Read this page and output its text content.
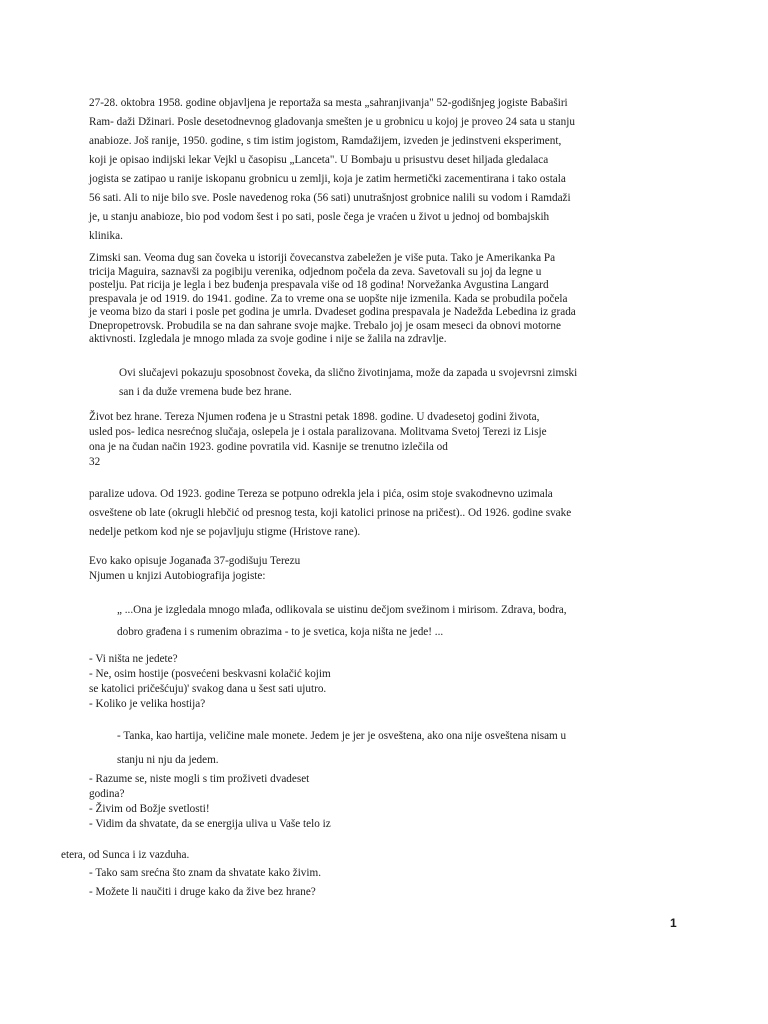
27-28. oktobra 1958. godine objavljena je reportaža sa mesta „sahranjivanja" 52-godišnjeg jogiste Babaširi
Ram- daži Džinari. Posle desetodnevnog gladovanja smešten je u grobnicu u kojoj je proveo 24 sata u stanju
anabioze. Još ranije, 1950. godine, s tim istim jogistom, Ramdažijem, izveden je jedinstveni eksperiment,
koji je opisao indijski lekar Vejkl u časopisu „Lanceta". U Bombaju u prisustvu deset hiljada gledalaca
jogista se zatipao u ranije iskopanu grobnicu u zemlji, koja je zatim hermetički zacementirana i tako ostala
56 sati. Ali to nije bilo sve. Posle navedenog roka (56 sati) unutrašnjost grobnice nalili su vodom i Ramdaži
je, u stanju anabioze, bio pod vodom šest i po sati, posle čega je vraćen u život u jednoj od bombajskih
klinika.

Zimski san. Veoma dug san čoveka u istoriji čovecanstva zabeležen je više puta. Tako je Amerikanka Pa
tricija Maguira, saznavši za pogibiju verenika, odjednom počela da zeva. Savetovali su joj da legne u
postelju. Pat ricija je legla i bez buđenja prespavala više od 18 godina! Norvežanka Avgustina Langard
prespavala je od 1919. do 1941. godine. Za to vreme ona se uopšte nije izmenila. Kada se probudila počela
je veoma bizo da stari i posle pet godina je umrla. Dvadeset godina prespavala je Nadežda Lebedina iz grada
Dnepropetrovsk. Probudila se na dan sahrane svoje majke. Trebalo joj je osam meseci da obnovi motorne
aktivnosti. Izgledala je mnogo mlada za svoje godine i nije se žalila na zdravlje.

Ovi slučajevi pokazuju sposobnost čoveka, da slično životinjama, može da zapada u svojevrsni zimski
san i da duže vremena bude bez hrane.

Život bez hrane. Tereza Njumen rođena je u Strastni petak 1898. godine. U dvadesetoj godini života,
usled pos- ledica nesrećnog slučaja, oslepela je i ostala paralizovana. Molitvama Svetoj Terezi iz Lisje
ona je na čudan način 1923. godine povratila vid. Kasnije se trenutno izlečila od
32

paralize udova. Od 1923. godine Tereza se potpuno odrekla jela i pića, osim stoje svakodnevno uzimala
osveštene ob late (okrugli hlebčić od presnog testa, koji katolici prinose na pričest).. Od 1926. godine svake
nedelje petkom kod nje se pojavljuju stigme (Hristove rane).

Evo kako opisuje Joganađa 37-godišuju Terezu
Njumen u knjizi Autobiografija jogiste:

„ ...Ona je izgledala mnogo mlađa, odlikovala se uistinu dečjom svežinom i mirisom. Zdrava, bodra,
dobro građena i s rumenim obrazima - to je svetica, koja ništa ne jede! ...

- Vi ništa ne jedete?
- Ne, osim hostije (posvećeni beskvasni kolačić kojim
se katolici pričešćuju)' svakog dana u šest sati ujutro.
- Koliko je velika hostija?

- Tanka, kao hartija, veličine male monete. Jedem je jer je osveštena, ako ona nije osveštena nisam u
stanju ni nju da jedem.

- Razume se, niste mogli s tim proživeti dvadeset
godina?
- Živim od Božje svetlosti!
- Vidim da shvatate, da se energija uliva u Vaše telo iz

etera, od Sunca i iz vazduha.

- Tako sam srećna što znam da shvatate kako živim.
- Možete li naučiti i druge kako da žive bez hrane?

1
